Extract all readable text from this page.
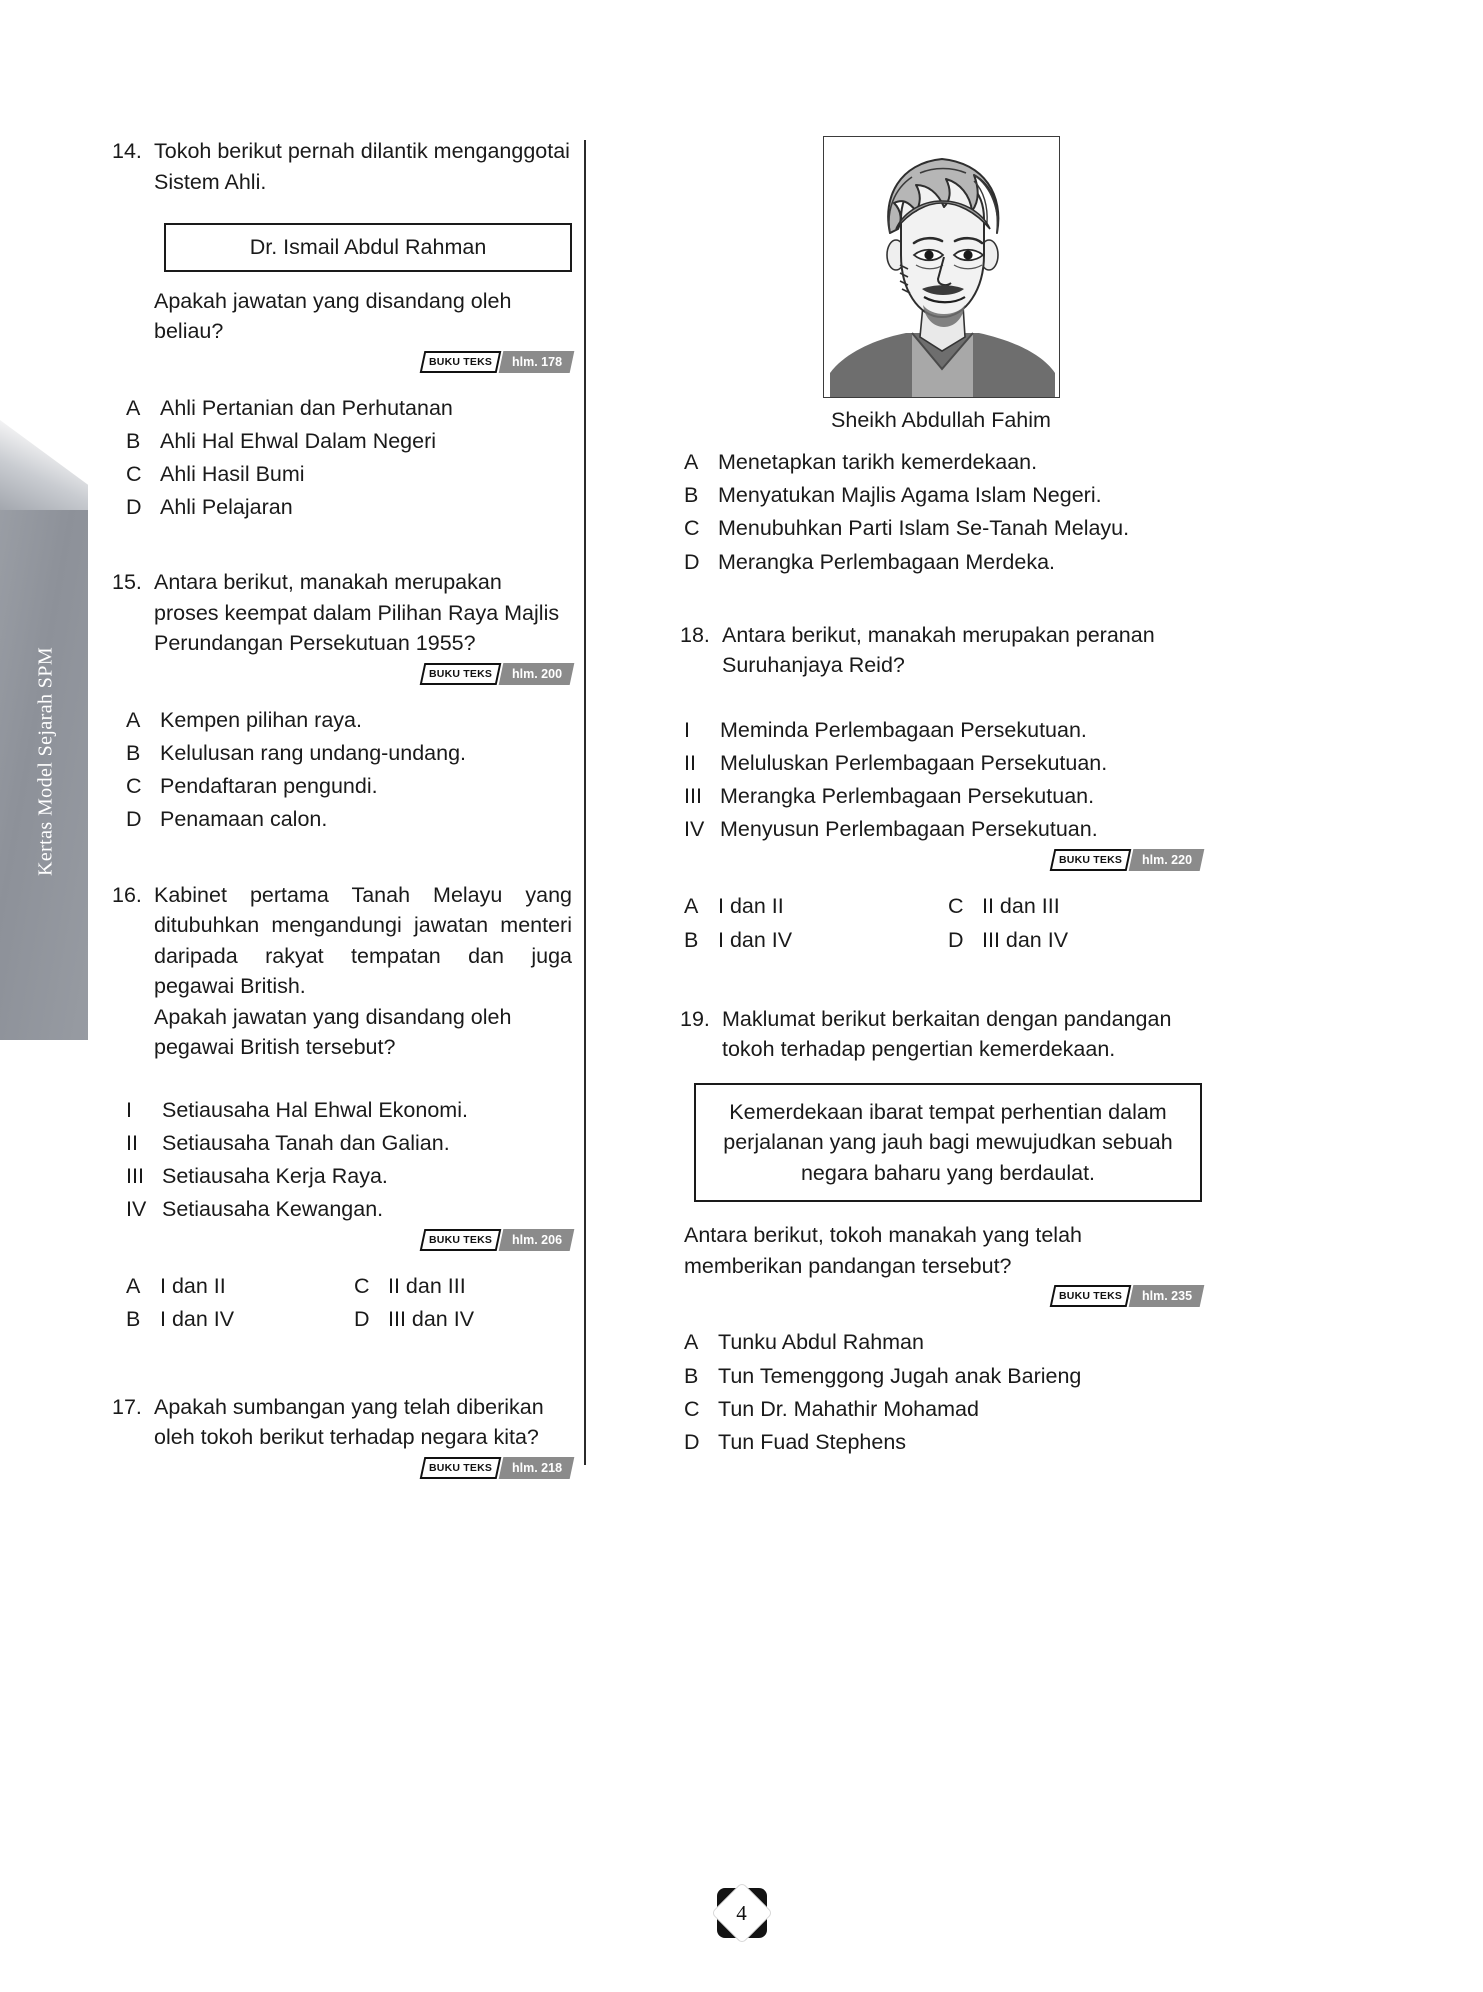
Kertas Model Sejarah SPM
14. Tokoh berikut pernah dilantik menganggotai Sistem Ahli.

Dr. Ismail Abdul Rahman

Apakah jawatan yang disandang oleh beliau?

BUKU TEKS hlm. 178
A Ahli Pertanian dan Perhutanan
B Ahli Hal Ehwal Dalam Negeri
C Ahli Hasil Bumi
D Ahli Pelajaran
15. Antara berikut, manakah merupakan proses keempat dalam Pilihan Raya Majlis Perundangan Persekutuan 1955?

BUKU TEKS hlm. 200
A Kempen pilihan raya.
B Kelulusan rang undang-undang.
C Pendaftaran pengundi.
D Penamaan calon.
16. Kabinet pertama Tanah Melayu yang ditubuhkan mengandungi jawatan menteri daripada rakyat tempatan dan juga pegawai British.

Apakah jawatan yang disandang oleh pegawai British tersebut?

I	Setiausaha Hal Ehwal Ekonomi.
II	Setiausaha Tanah dan Galian.
III Setiausaha Kerja Raya.
IV Setiausaha Kewangan.
BUKU TEKS hlm. 206
A I dan II	C II dan III
B I dan IV	D III dan IV
17. Apakah sumbangan yang telah diberikan oleh tokoh berikut terhadap negara kita?

BUKU TEKS hlm. 218
Sheikh Abdullah Fahim
A Menetapkan tarikh kemerdekaan.
B Menyatukan Majlis Agama Islam Negeri.
C Menubuhkan Parti Islam Se-Tanah Melayu.
D Merangka Perlembagaan Merdeka.
18. Antara berikut, manakah merupakan peranan Suruhanjaya Reid?

I	Meminda Perlembagaan Persekutuan.
II	Meluluskan Perlembagaan Persekutuan.
III Merangka Perlembagaan Persekutuan.
IV Menyusun Perlembagaan Persekutuan.
BUKU TEKS hlm. 220
A I dan II	C II dan III
B I dan IV	D III dan IV
19. Maklumat berikut berkaitan dengan pandangan tokoh terhadap pengertian kemerdekaan.

Kemerdekaan ibarat tempat perhentian dalam perjalanan yang jauh bagi mewujudkan sebuah negara baharu yang berdaulat.

Antara berikut, tokoh manakah yang telah memberikan pandangan tersebut?

BUKU TEKS hlm. 235
A Tunku Abdul Rahman
B Tun Temenggong Jugah anak Barieng
C Tun Dr. Mahathir Mohamad
D Tun Fuad Stephens
4
